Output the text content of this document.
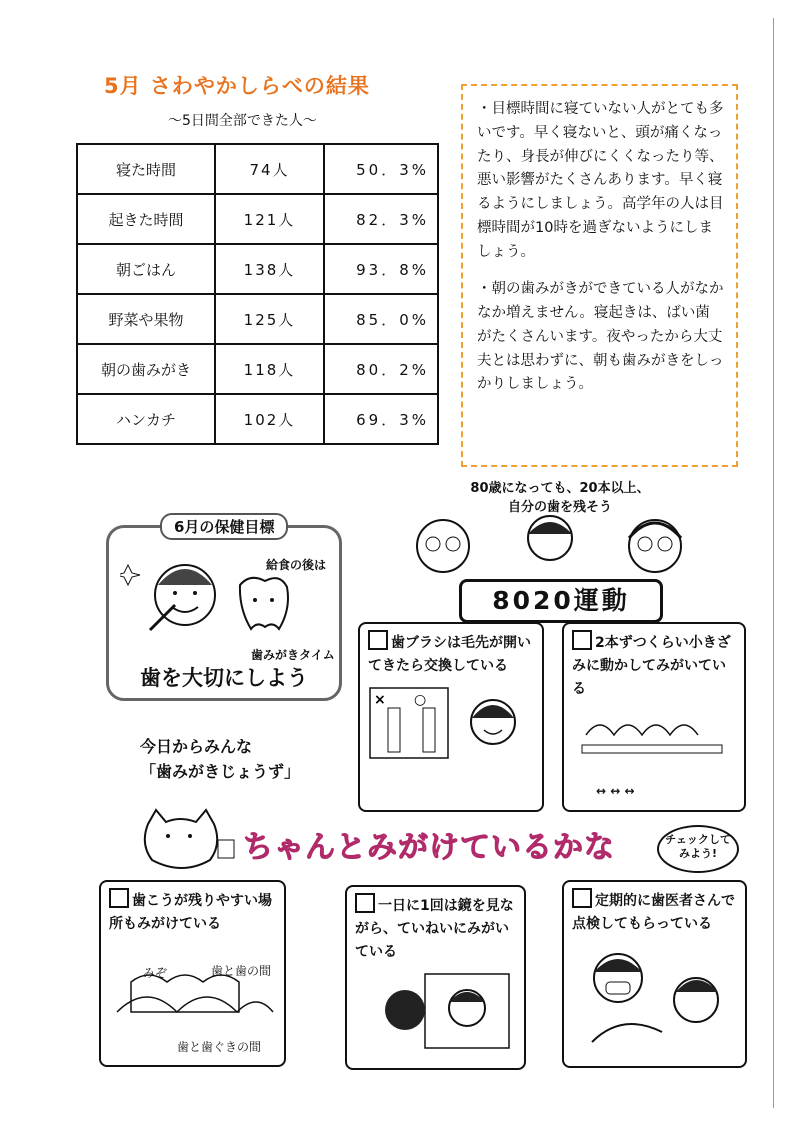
5月 さわやかしらべの結果
〜5日間全部できた人〜
寝た時間	74人	50．3%
起きた時間	121人	82．3%
朝ごはん	138人	93．8%
野菜や果物	125人	85．0%
朝の歯みがき	118人	80．2%
ハンカチ	102人	69．3%

・目標時間に寝ていない人がとても多いです。早く寝ないと、頭が痛くなったり、身長が伸びにくくなったり等、悪い影響がたくさんあります。早く寝るようにしましょう。高学年の人は目標時間が10時を過ぎないようにしましょう。

・朝の歯みがきができている人がなかなか増えません。寝起きは、ばい菌がたくさんいます。夜やったから大丈夫とは思わずに、朝も歯みがきをしっかりしましょう。

6月の保健目標
給食の後は
歯みがきタイム
歯を大切にしよう
80歳になっても、20本以上、
自分の歯を残そう
8020運動
歯ブラシは毛先が開いてきたら交換している
× ○
2本ずつくらい小きざみに動かしてみがいている
↔ ↔ ↔
今日からみんな
「歯みがきじょうず」
ちゃんとみがけているかな	チェックして
みよう!
歯こうが残りやすい場所もみがけている
みぞ	歯と歯の間
歯と歯ぐきの間
一日に1回は鏡を見ながら、ていねいにみがいている
定期的に歯医者さんで点検してもらっている
